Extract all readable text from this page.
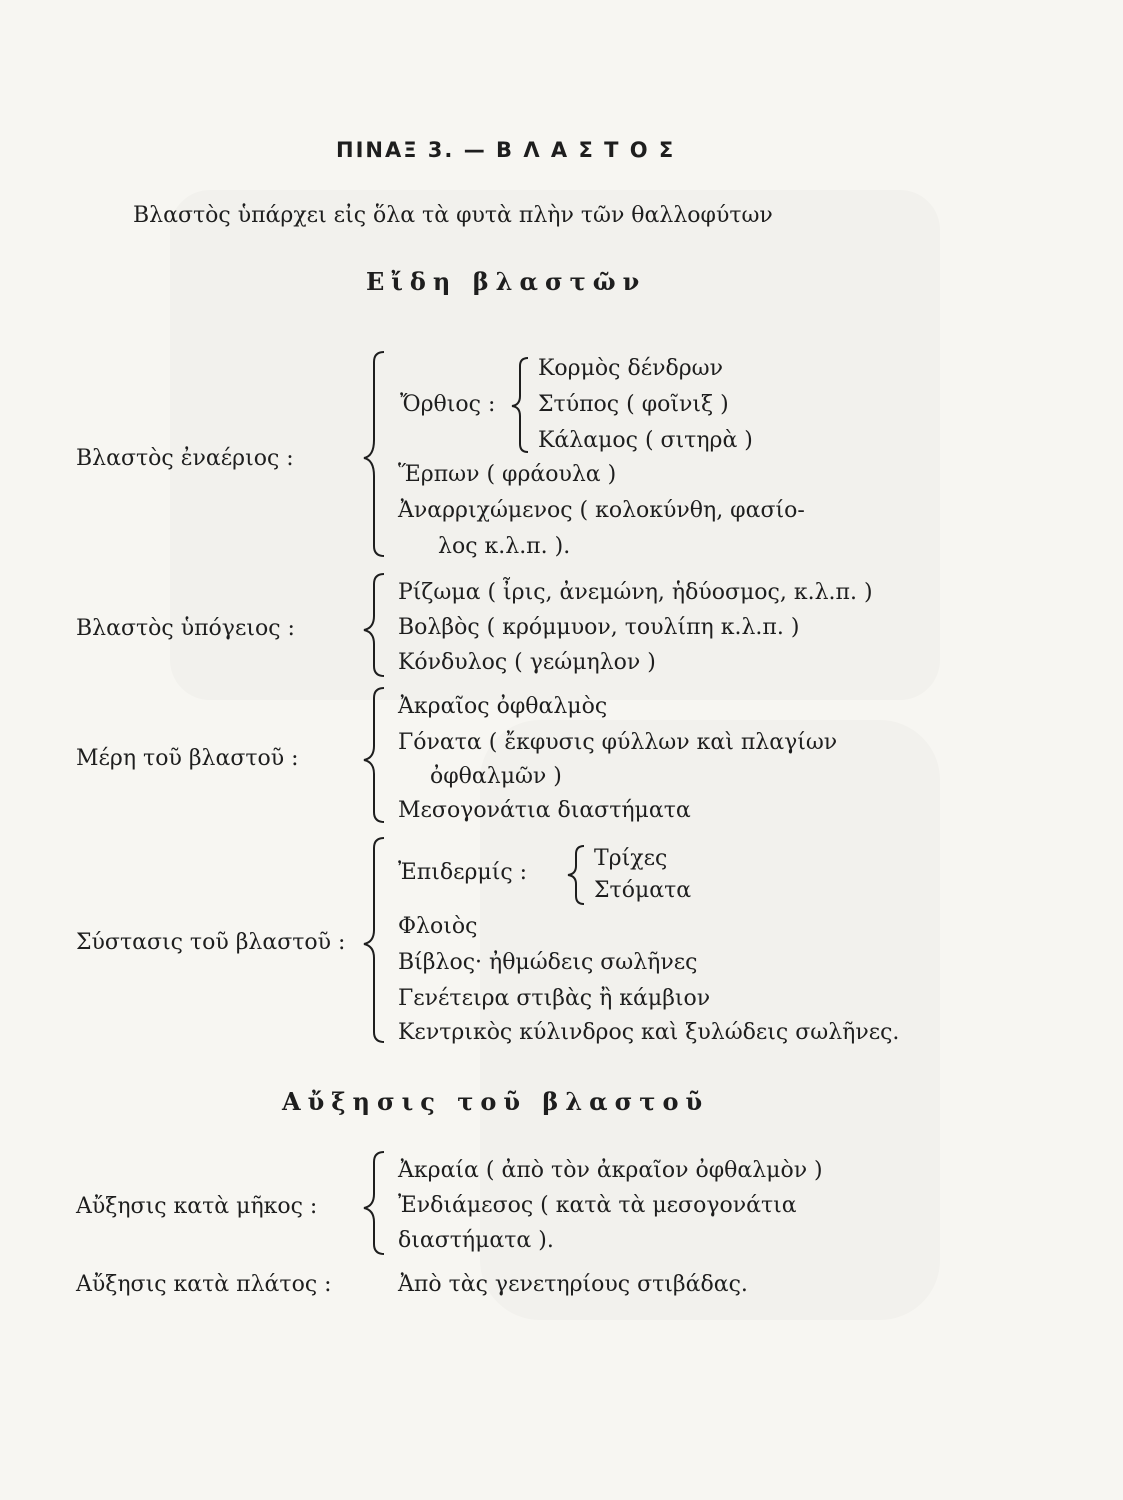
ΠΙΝΑΞ 3. — Β Λ Α Σ Τ Ο Σ
Βλαστὸς ὑπάρχει εἰς ὅλα τὰ φυτὰ πλὴν τῶν θαλλοφύτων
Εἴδη βλαστῶν
Βλαστὸς ἐναέριος :
Ὄρθιος :
Κορμὸς δένδρων
Στύπος ( φοῖνιξ )
Κάλαμος ( σιτηρὰ )
Ἕρπων ( φράουλα )
Ἀναρριχώμενος ( κολοκύνθη, φασίο-
λος κ.λ.π. ).
Βλαστὸς ὑπόγειος :
Ρίζωμα ( ἶρις, ἀνεμώνη, ἡδύοσμος, κ.λ.π. )
Βολβὸς ( κρόμμυον, τουλίπη κ.λ.π. )
Κόνδυλος ( γεώμηλον )
Μέρη τοῦ βλαστοῦ :
Ἀκραῖος ὀφθαλμὸς
Γόνατα ( ἔκφυσις φύλλων καὶ πλαγίων
ὀφθαλμῶν )
Μεσογονάτια διαστήματα
Σύστασις τοῦ βλαστοῦ :
Ἐπιδερμίς :
Τρίχες
Στόματα
Φλοιὸς
Βίβλος· ἠθμώδεις σωλῆνες
Γενέτειρα στιβὰς ἢ κάμβιον
Κεντρικὸς κύλινδρος καὶ ξυλώδεις σωλῆνες.
Αὔξησις τοῦ βλαστοῦ
Αὔξησις κατὰ μῆκος :
Ἀκραία ( ἀπὸ τὸν ἀκραῖον ὀφθαλμὸν )
Ἐνδιάμεσος ( κατὰ τὰ μεσογονάτια
διαστήματα ).
Αὔξησις κατὰ πλάτος :	Ἀπὸ τὰς γενετηρίους στιβάδας.
